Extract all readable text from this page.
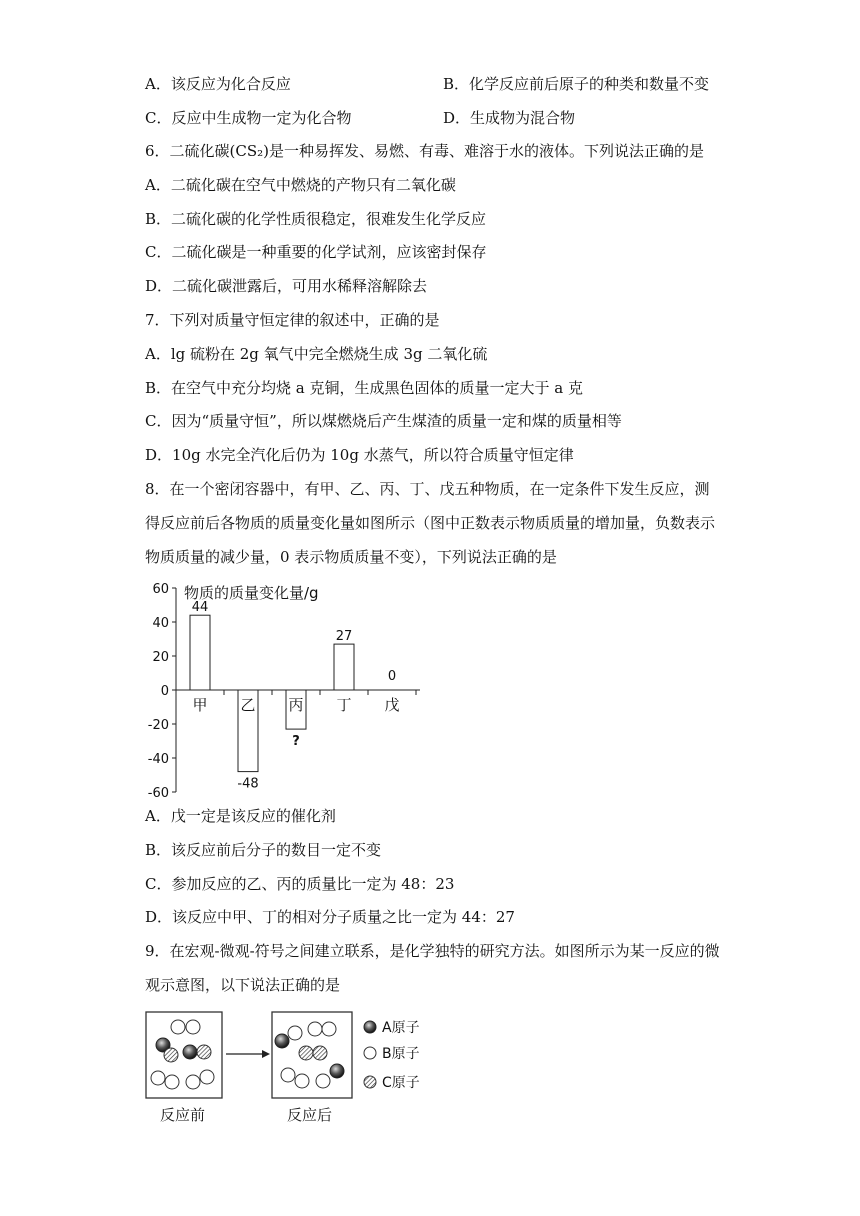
A．该反应为化合反应	B．化学反应前后原子的种类和数量不变
C．反应中生成物一定为化合物	D．生成物为混合物
6．二硫化碳(CS₂)是一种易挥发、易燃、有毒、难溶于水的液体。下列说法正确的是
A．二硫化碳在空气中燃烧的产物只有二氧化碳
B．二硫化碳的化学性质很稳定，很难发生化学反应
C．二硫化碳是一种重要的化学试剂，应该密封保存
D．二硫化碳泄露后，可用水稀释溶解除去
7．下列对质量守恒定律的叙述中，正确的是
A．lg 硫粉在 2g 氧气中完全燃烧生成 3g 二氧化硫
B．在空气中充分均烧 a 克铜，生成黑色固体的质量一定大于 a 克
C．因为“质量守恒”，所以煤燃烧后产生煤渣的质量一定和煤的质量相等
D．10g 水完全汽化后仍为 10g 水蒸气，所以符合质量守恒定律
8．在一个密闭容器中，有甲、乙、丙、丁、戊五种物质，在一定条件下发生反应，测
得反应前后各物质的质量变化量如图所示（图中正数表示物质质量的增加量，负数表示
物质质量的减少量，0 表示物质质量不变），下列说法正确的是
物质的质量变化量/g
60
40
20
0
-20
-40
-60
甲
44
乙
-48
丙
?
丁
27
戊
0
A．戊一定是该反应的催化剂
B．该反应前后分子的数目一定不变
C．参加反应的乙、丙的质量比一定为 48：23
D．该反应中甲、丁的相对分子质量之比一定为 44：27
9．在宏观-微观-符号之间建立联系，是化学独特的研究方法。如图所示为某一反应的微
观示意图，以下说法正确的是
反应前	反应后
A原子
B原子
C原子
